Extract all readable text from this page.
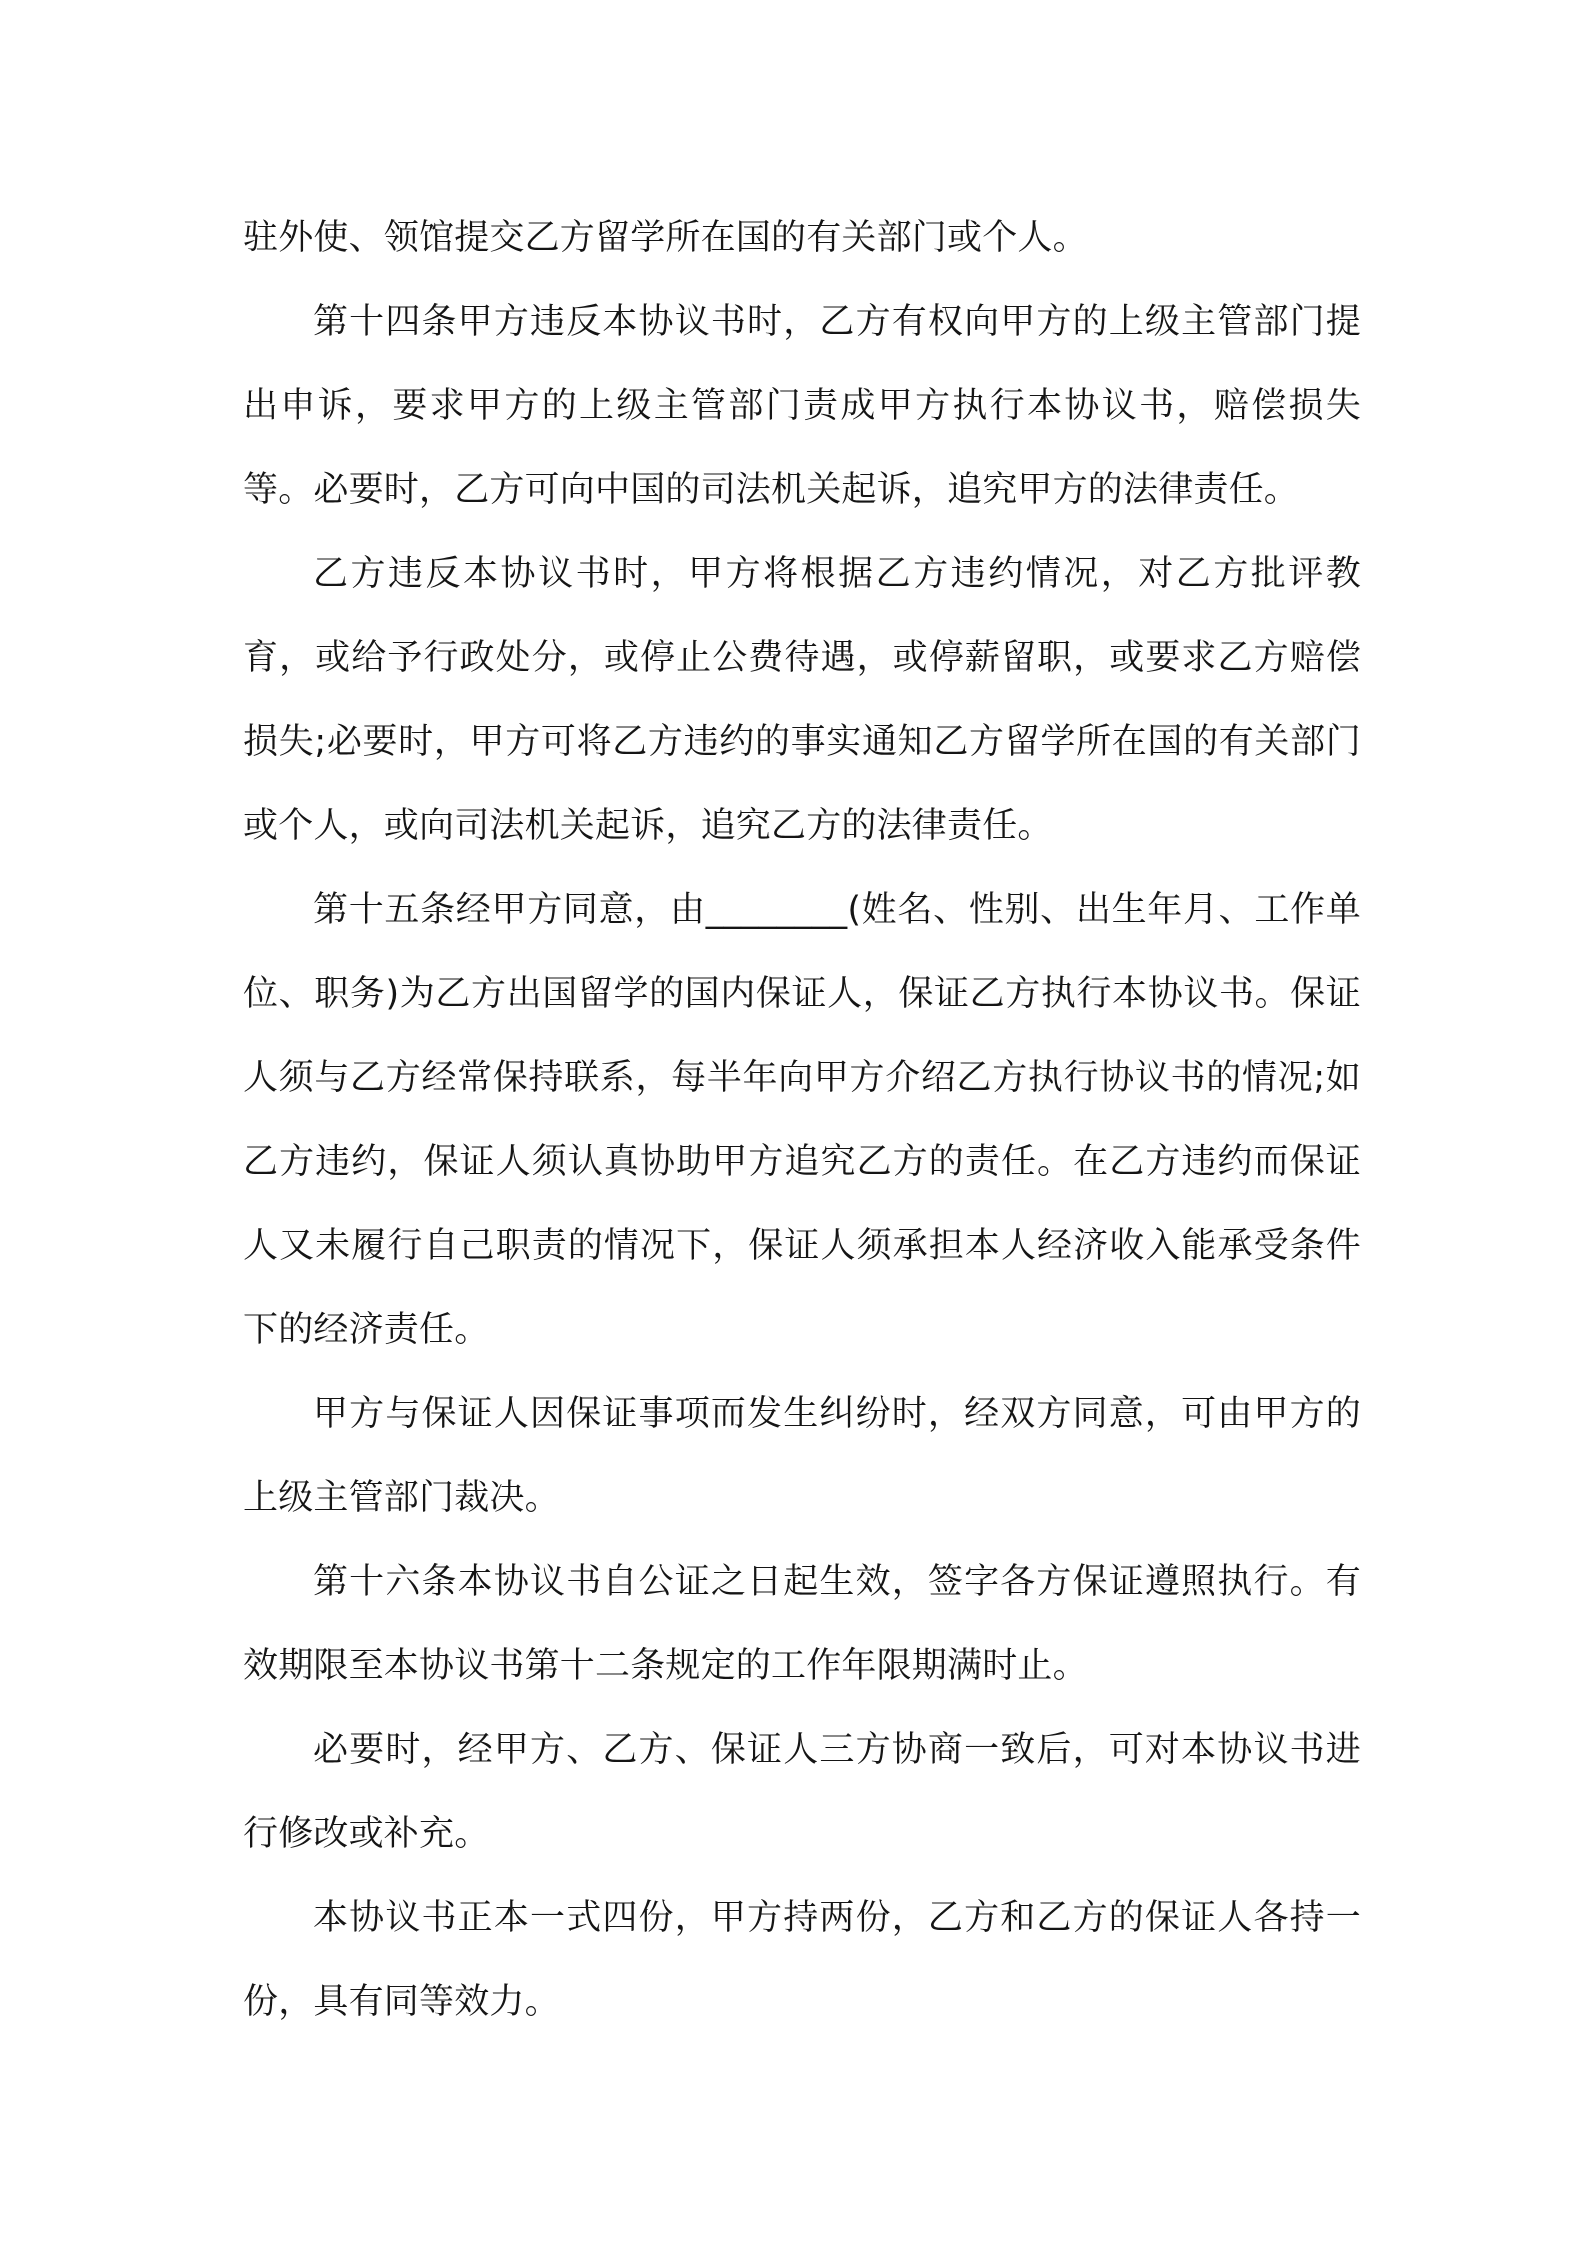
驻外使、领馆提交乙方留学所在国的有关部门或个人。

第十四条甲方违反本协议书时，乙方有权向甲方的上级主管部门提出申诉，要求甲方的上级主管部门责成甲方执行本协议书，赔偿损失等。必要时，乙方可向中国的司法机关起诉，追究甲方的法律责任。

乙方违反本协议书时，甲方将根据乙方违约情况，对乙方批评教育，或给予行政处分，或停止公费待遇，或停薪留职，或要求乙方赔偿损失;必要时，甲方可将乙方违约的事实通知乙方留学所在国的有关部门或个人，或向司法机关起诉，追究乙方的法律责任。

第十五条经甲方同意，由________(姓名、性别、出生年月、工作单位、职务)为乙方出国留学的国内保证人，保证乙方执行本协议书。保证人须与乙方经常保持联系，每半年向甲方介绍乙方执行协议书的情况;如乙方违约，保证人须认真协助甲方追究乙方的责任。在乙方违约而保证人又未履行自己职责的情况下，保证人须承担本人经济收入能承受条件下的经济责任。

甲方与保证人因保证事项而发生纠纷时，经双方同意，可由甲方的上级主管部门裁决。

第十六条本协议书自公证之日起生效，签字各方保证遵照执行。有效期限至本协议书第十二条规定的工作年限期满时止。

必要时，经甲方、乙方、保证人三方协商一致后，可对本协议书进行修改或补充。

本协议书正本一式四份，甲方持两份，乙方和乙方的保证人各持一份，具有同等效力。
